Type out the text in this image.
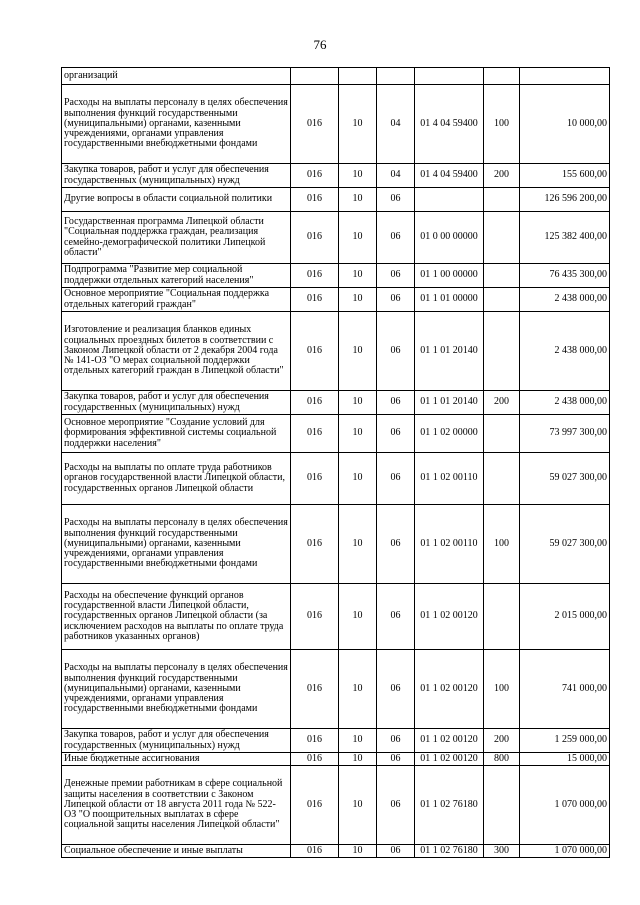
76
организаций						
Расходы на выплаты персоналу в целях обеспечения выполнения функций государственными (муниципальными) органами, казенными учреждениями, органами управления государственными внебюджетными фондами	016	10	04	01 4 04 59400	100	10 000,00
Закупка товаров, работ и услуг для обеспечения государственных (муниципальных) нужд	016	10	04	01 4 04 59400	200	155 600,00
Другие вопросы в области социальной политики	016	10	06			126 596 200,00
Государственная программа Липецкой области "Социальная поддержка граждан, реализация семейно-демографической политики Липецкой области"	016	10	06	01 0 00 00000		125 382 400,00
Подпрограмма "Развитие мер социальной поддержки отдельных категорий населения"	016	10	06	01 1 00 00000		76 435 300,00
Основное мероприятие "Социальная поддержка отдельных категорий граждан"	016	10	06	01 1 01 00000		2 438 000,00
Изготовление и реализация бланков единых социальных проездных билетов в соответствии с Законом Липецкой области от 2 декабря 2004 года № 141-ОЗ "О мерах социальной поддержки отдельных категорий граждан в Липецкой области"	016	10	06	01 1 01 20140		2 438 000,00
Закупка товаров, работ и услуг для обеспечения государственных (муниципальных) нужд	016	10	06	01 1 01 20140	200	2 438 000,00
Основное мероприятие "Создание условий для формирования эффективной системы социальной поддержки населения"	016	10	06	01 1 02 00000		73 997 300,00
Расходы на выплаты по оплате труда работников органов государственной власти Липецкой области, государственных органов Липецкой области	016	10	06	01 1 02 00110		59 027 300,00
Расходы на выплаты персоналу в целях обеспечения выполнения функций государственными (муниципальными) органами, казенными учреждениями, органами управления государственными внебюджетными фондами	016	10	06	01 1 02 00110	100	59 027 300,00
Расходы на обеспечение функций органов государственной власти Липецкой области, государственных органов Липецкой области (за исключением расходов на выплаты по оплате труда работников указанных органов)	016	10	06	01 1 02 00120		2 015 000,00
Расходы на выплаты персоналу в целях обеспечения выполнения функций государственными (муниципальными) органами, казенными учреждениями, органами управления государственными внебюджетными фондами	016	10	06	01 1 02 00120	100	741 000,00
Закупка товаров, работ и услуг для обеспечения государственных (муниципальных) нужд	016	10	06	01 1 02 00120	200	1 259 000,00
Иные бюджетные ассигнования	016	10	06	01 1 02 00120	800	15 000,00
Денежные премии работникам в сфере социальной защиты населения в соответствии с Законом Липецкой области от 18 августа 2011 года № 522-ОЗ "О поощрительных выплатах в сфере социальной защиты населения Липецкой области"	016	10	06	01 1 02 76180		1 070 000,00
Социальное обеспечение и иные выплаты	016	10	06	01 1 02 76180	300	1 070 000,00
